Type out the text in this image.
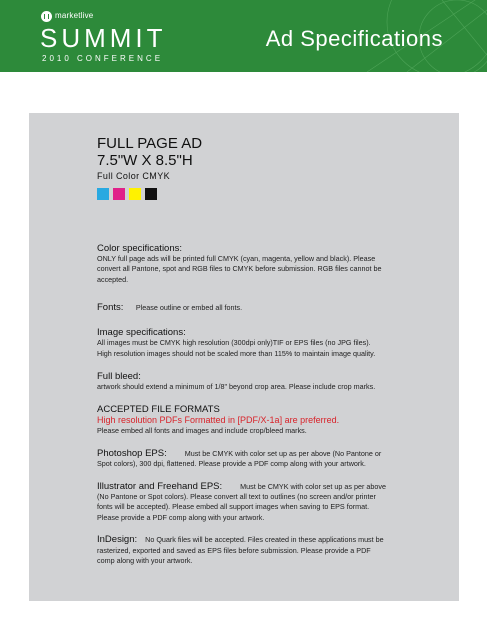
marketlive
SUMMIT
2010 CONFERENCE
Ad Specifications
FULL PAGE AD
7.5"W X 8.5"H
Full Color CMYK
Color specifications:
ONLY full page ads will be printed full CMYK (cyan, magenta, yellow and black). Please convert all Pantone, spot and RGB files to CMYK before submission. RGB files cannot be accepted.
Fonts: Please outline or embed all fonts.
Image specifications:
All images must be CMYK high resolution (300dpi only)TIF or EPS files (no JPG files). High resolution images should not be scaled more than 115% to maintain image quality.
Full bleed:
artwork should extend a minimum of 1/8" beyond crop area. Please include crop marks.
ACCEPTED FILE FORMATS
High resolution PDFs Formatted in [PDF/X-1a] are preferred.
Please embed all fonts and images and include crop/bleed marks.
Photoshop EPS:	Must be CMYK with color set up as per above (No Pantone or Spot colors), 300 dpi, flattened. Please provide a PDF comp along with your artwork.
Illustrator and Freehand EPS:	Must be CMYK with color set up as per above (No Pantone or Spot colors). Please convert all text to outlines (no screen and/or printer fonts will be accepted). Please embed all support images when saving to EPS format. Please provide a PDF comp along with your artwork.
InDesign: No Quark files will be accepted. Files created in these applications must be rasterized, exported and saved as EPS files before submission. Please provide a PDF comp along with your artwork.
